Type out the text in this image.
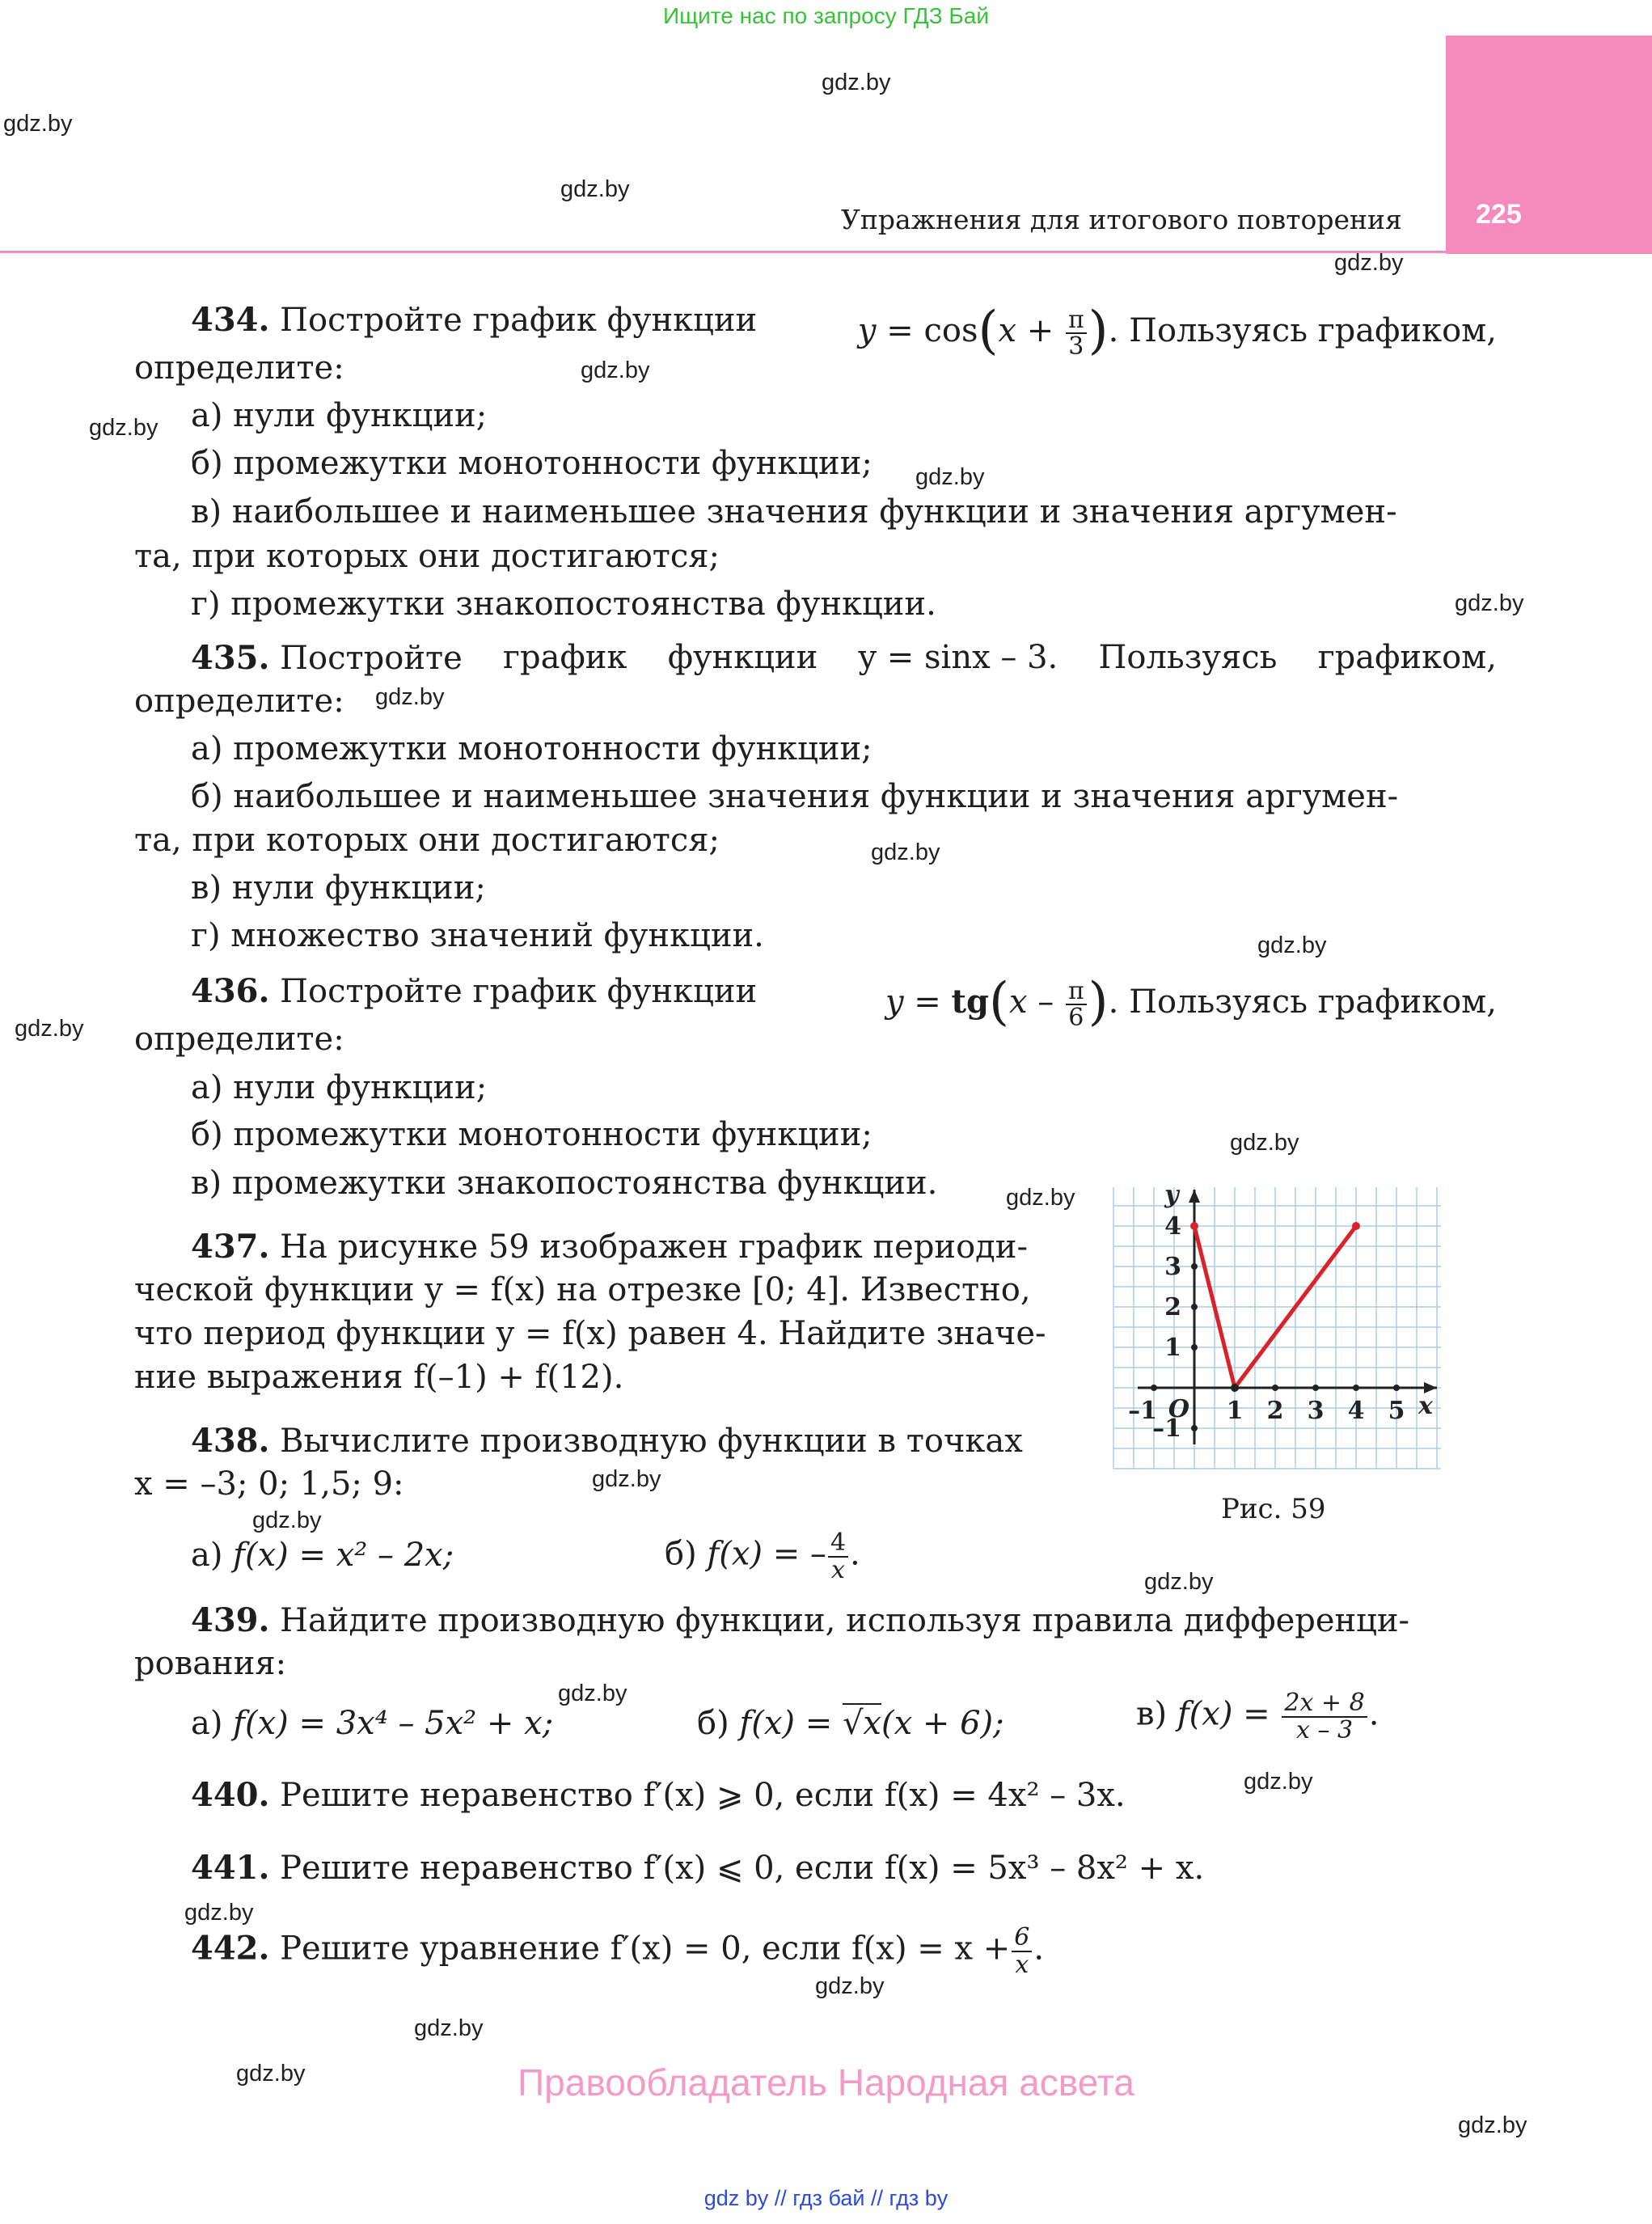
Ищите нас по запросу ГДЗ Бай
225
Упражнения для итогового повторения
gdz.by
gdz.by
gdz.by
gdz.by
gdz.by
gdz.by
gdz.by
gdz.by
gdz.by
gdz.by
gdz.by
gdz.by
gdz.by
gdz.by
gdz.by
gdz.by
gdz.by
gdz.by
gdz.by
gdz.by
gdz.by
gdz.by
gdz.by
gdz.by
434. Постройте график функции	$y = \cos(x + \frac{\pi}{3}$ ). Пользуясь графиком,
определите:
а) нули функции;
б) промежутки монотонности функции;
в) наибольшее и наименьшее значения функции и значения аргумен-
та, при которых они достигаются;
г) промежутки знакопостоянства функции.
435. Постройте график функции y = sinx – 3. Пользуясь графиком,
определите:
а) промежутки монотонности функции;
б) наибольшее и наименьшее значения функции и значения аргумен-
та, при которых они достигаются;
в) нули функции;
г) множество значений функции.
436. Постройте график функции	$y = tg(x - \frac{\pi}{6}$ ). Пользуясь графиком,
определите:
а) нули функции;
б) промежутки монотонности функции;
в) промежутки знакопостоянства функции.
437. На рисунке 59 изображен график периоди-
ческой функции y = f(x) на отрезке [0; 4]. Известно,
что период функции y = f(x) равен 4. Найдите значе-
ние выражения f(–1) + f(12).
–1	1 2 3 4 5
–1
1
2
3
4
O	x
y
Рис. 59
438. Вычислите производную функции в точках
x = –3; 0; 1,5; 9:
а) f(x) = x² – 2x;	б) f(x) = – $\frac{4}{x}$ .
439. Найдите производную функции, используя правила дифференци-
рования:
а) f(x) = 3x⁴ – 5x² + x;	б) f(x) = √x(x + 6);	в) $f(x) = \frac{2x + 8}{x - 3}$ .
440. Решите неравенство f′(x) ⩾ 0, если f(x) = 4x² – 3x.
441. Решите неравенство f′(x) ⩽ 0, если f(x) = 5x³ – 8x² + x.
442. Решите уравнение f′(x) = 0, если $f(x) = x + \frac{6}{x}$ .
Правообладатель Народная асвета
gdz by // гдз бай // гдз by
